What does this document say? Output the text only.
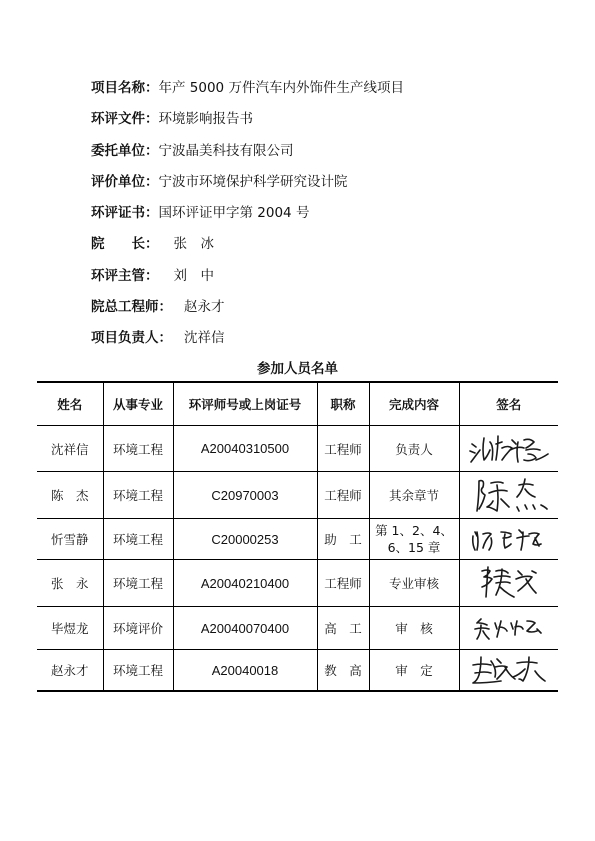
项目名称：年产 5000 万件汽车内外饰件生产线项目
环评文件：环境影响报告书
委托单位：宁波晶美科技有限公司
评价单位：宁波市环境保护科学研究设计院
环评证书：国环评证甲字第 2004 号
院　　长： 张　冰
环评主管： 刘　中
院总工程师： 赵永才
项目负责人： 沈祥信
参加人员名单
姓名	从事专业	环评师号或上岗证号	职称	完成内容	签名
沈祥信	环境工程	A20040310500	工程师	负责人	

陈　杰	环境工程	C20970003	工程师	其余章节	

忻雪静	环境工程	C20000253	助　工	第 1、2、4、
6、15 章	

张　永	环境工程	A20040210400	工程师	专业审核	

毕煜龙	环境评价	A20040070400	高　工	审　核	

赵永才	环境工程	A20040018	教　高	审　定	
